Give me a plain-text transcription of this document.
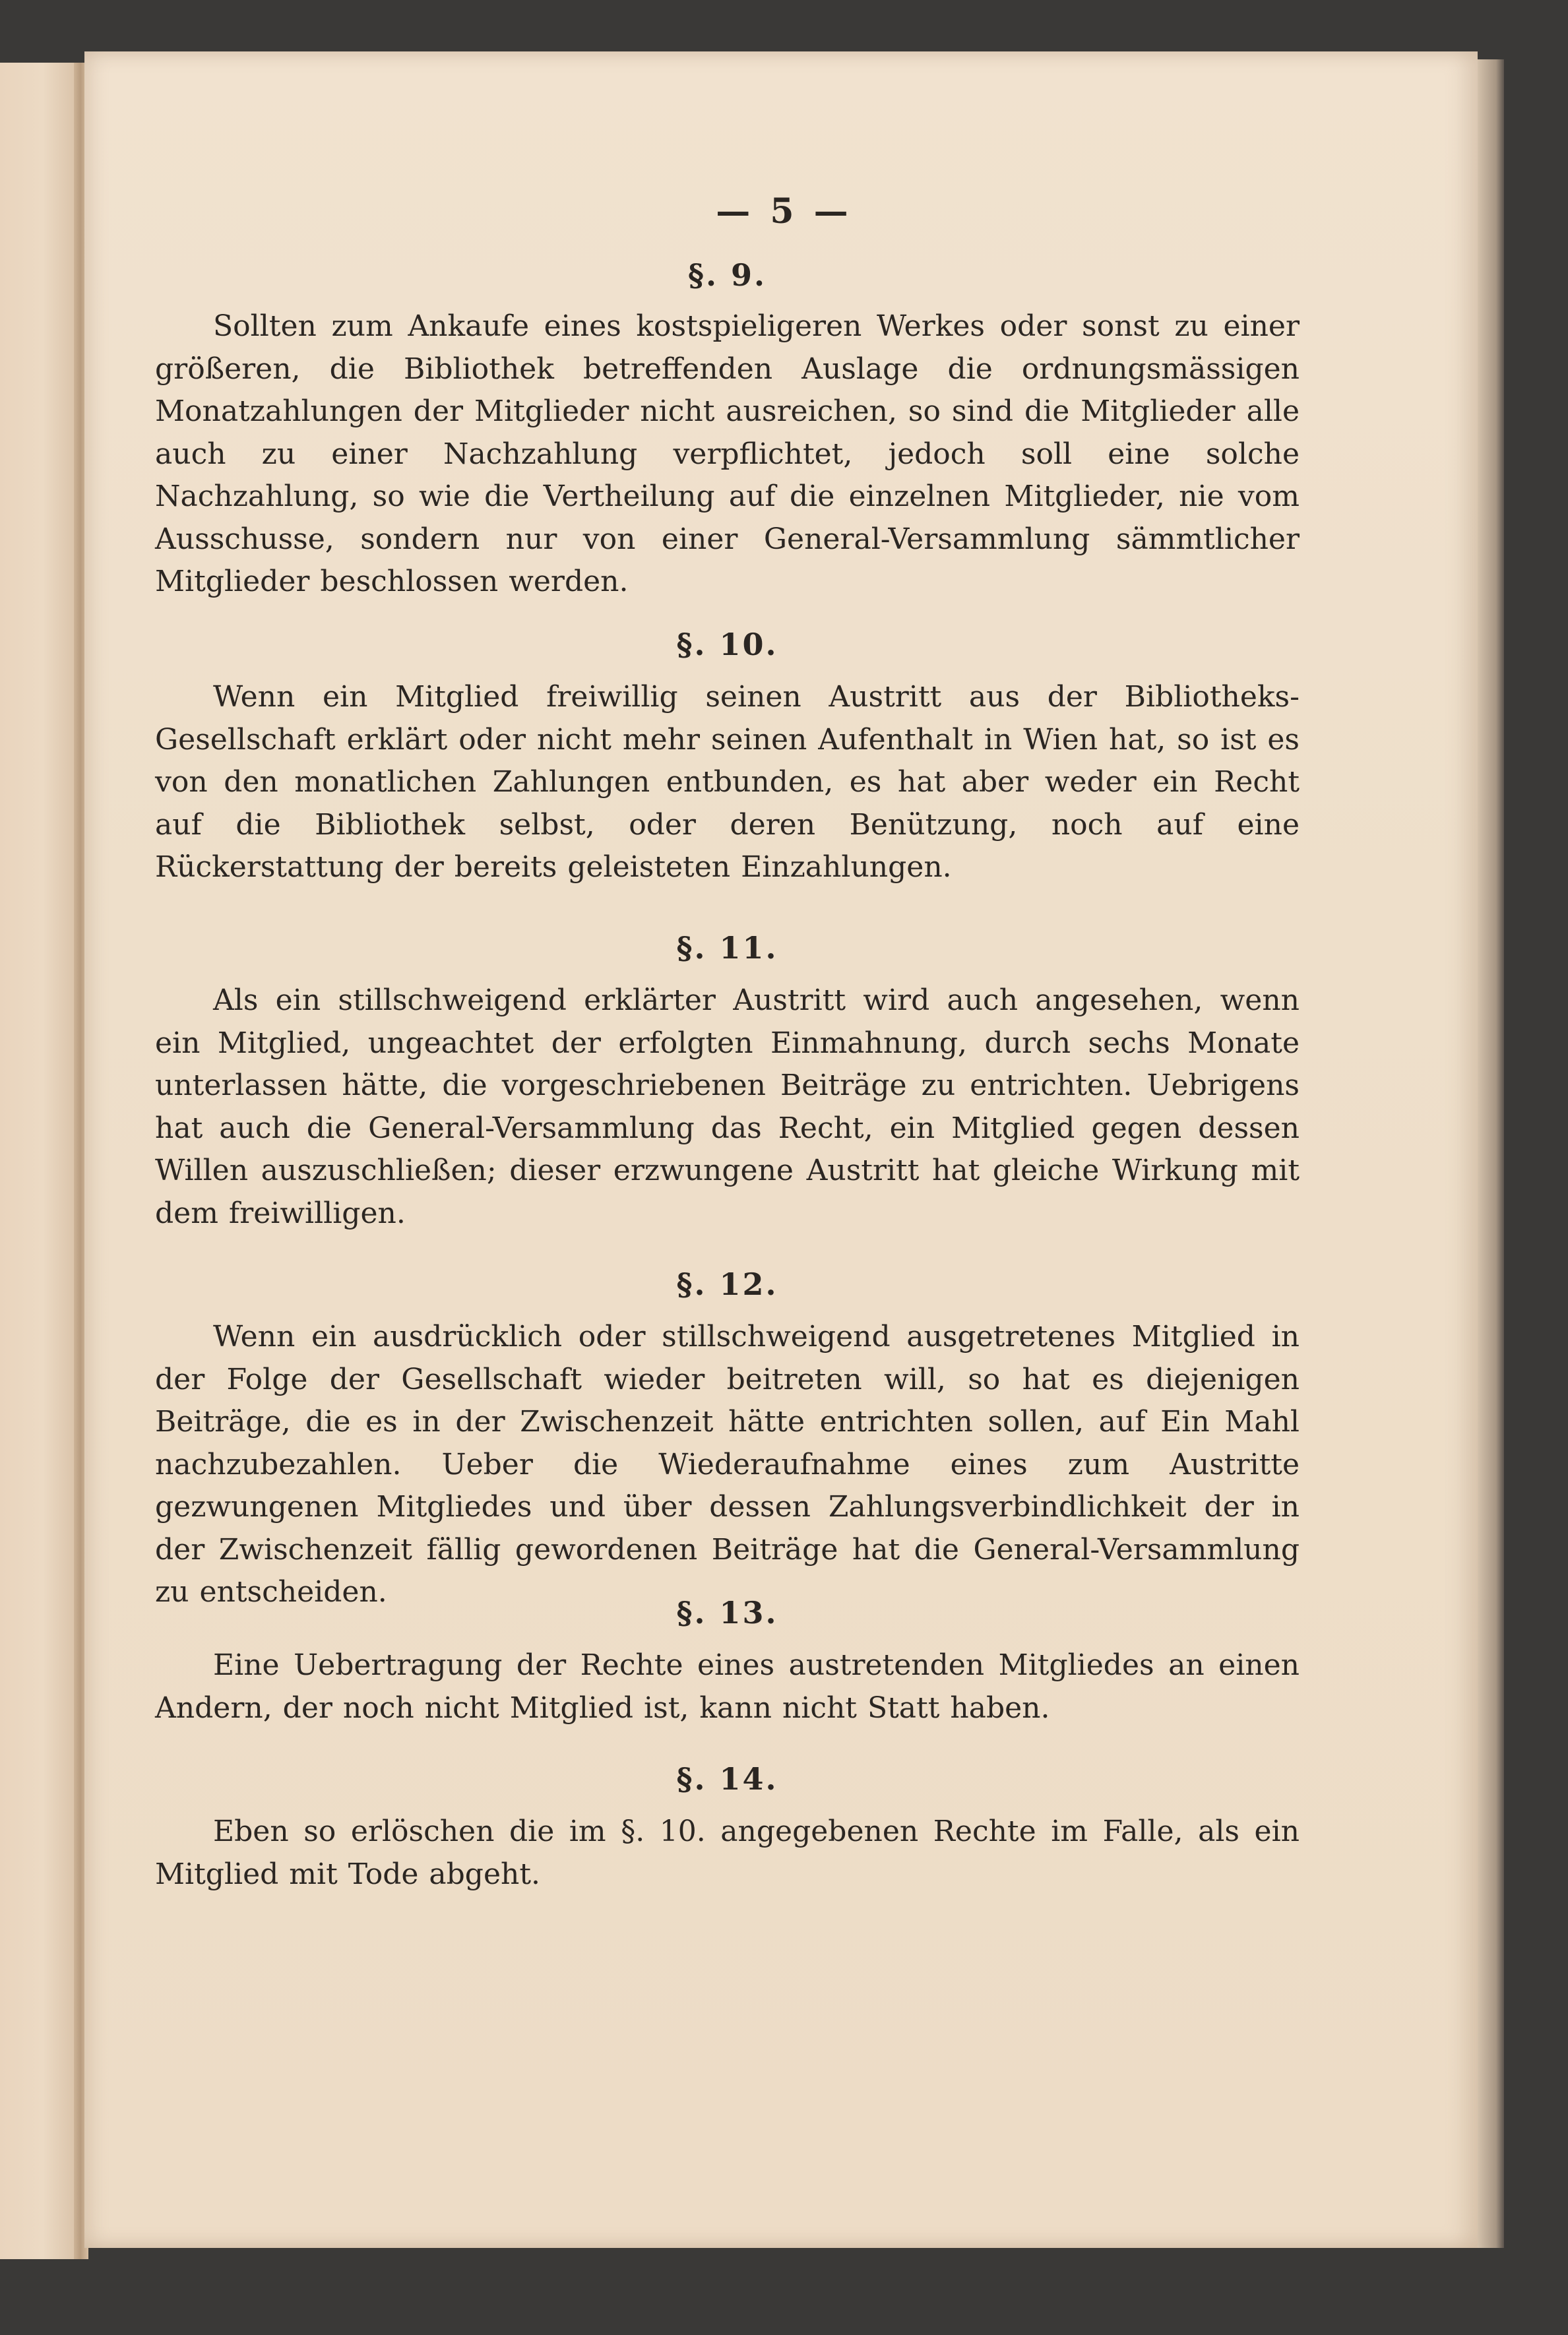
— 5 —

§. 9.

Sollten zum Ankaufe eines kostspieligeren Werkes oder sonst zu einer größeren, die Bibliothek betreffenden Auslage die ordnungsmässigen Monatzahlungen der Mitglieder nicht ausreichen, so sind die Mitglieder alle auch zu einer Nachzahlung verpflichtet, jedoch soll eine solche Nachzahlung, so wie die Vertheilung auf die einzelnen Mitglieder, nie vom Ausschusse, sondern nur von einer General-Versammlung sämmtlicher Mitglieder beschlossen werden.

§. 10.

Wenn ein Mitglied freiwillig seinen Austritt aus der Bibliotheks-Gesellschaft erklärt oder nicht mehr seinen Aufenthalt in Wien hat, so ist es von den monatlichen Zahlungen entbunden, es hat aber weder ein Recht auf die Bibliothek selbst, oder deren Benützung, noch auf eine Rückerstattung der bereits geleisteten Einzahlungen.

§. 11.

Als ein stillschweigend erklärter Austritt wird auch angesehen, wenn ein Mitglied, ungeachtet der erfolgten Einmahnung, durch sechs Monate unterlassen hätte, die vorgeschriebenen Beiträge zu entrichten. Uebrigens hat auch die General-Versammlung das Recht, ein Mitglied gegen dessen Willen auszuschließen; dieser erzwungene Austritt hat gleiche Wirkung mit dem freiwilligen.

§. 12.

Wenn ein ausdrücklich oder stillschweigend ausgetretenes Mitglied in der Folge der Gesellschaft wieder beitreten will, so hat es diejenigen Beiträge, die es in der Zwischenzeit hätte entrichten sollen, auf Ein Mahl nachzubezahlen. Ueber die Wiederaufnahme eines zum Austritte gezwungenen Mitgliedes und über dessen Zahlungsverbindlichkeit der in der Zwischenzeit fällig gewordenen Beiträge hat die General-Versammlung zu entscheiden.

§. 13.

Eine Uebertragung der Rechte eines austretenden Mitgliedes an einen Andern, der noch nicht Mitglied ist, kann nicht Statt haben.

§. 14.

Eben so erlöschen die im §. 10. angegebenen Rechte im Falle, als ein Mitglied mit Tode abgeht.
